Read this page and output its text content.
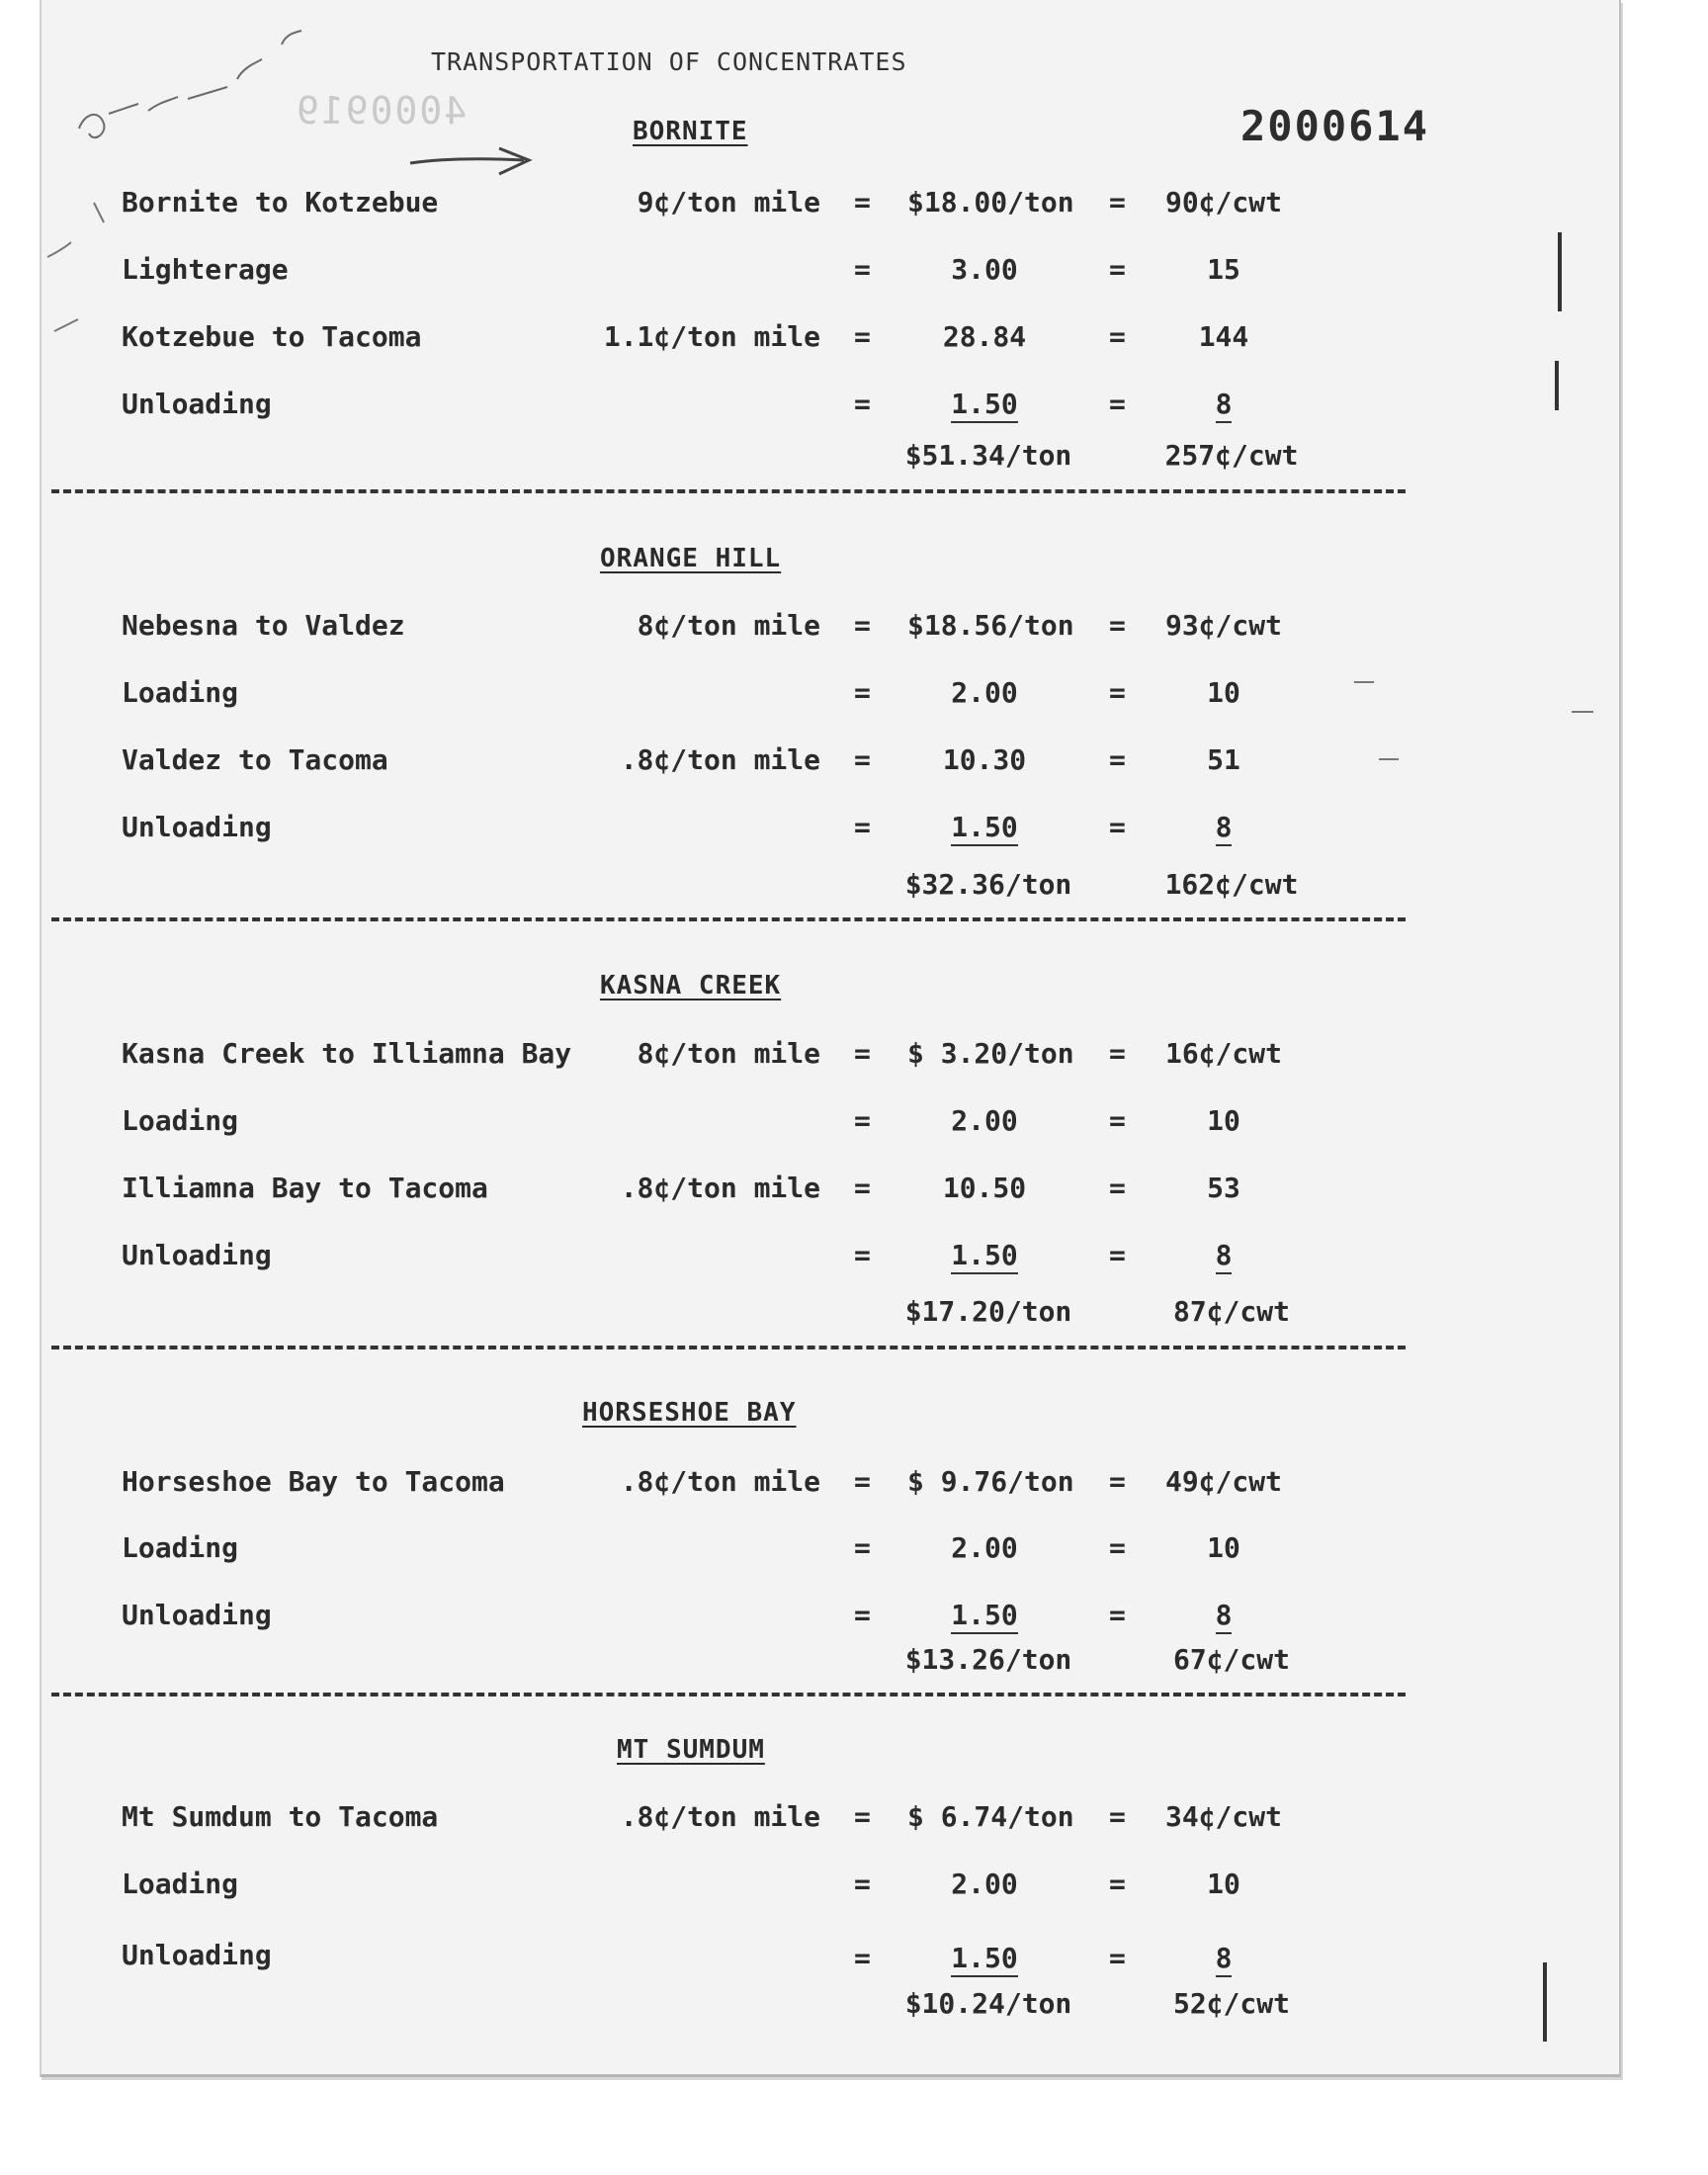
TRANSPORTATION OF CONCENTRATES
2000614
4000919	BORNITE
Bornite to Kotzebue	9¢/ton mile = $18.00/ton = 90¢/cwt
Lighterage	=	3.00	=	15
Kotzebue to Tacoma	1.1¢/ton mile =	28.84	=	144
Unloading	=	1.50	=	8
$51.34/ton	257¢/cwt
ORANGE HILL
Nebesna to Valdez	8¢/ton mile = $18.56/ton = 93¢/cwt
Loading	=	2.00	=	10
Valdez to Tacoma	.8¢/ton mile =	10.30	=	51
Unloading	=	1.50	=	8
$32.36/ton	162¢/cwt
KASNA CREEK
Kasna Creek to Illiamna Bay 8¢/ton mile = $ 3.20/ton = 16¢/cwt
Loading	=	2.00	=	10
Illiamna Bay to Tacoma	.8¢/ton mile =	10.50	=	53
Unloading	=	1.50	=	8
$17.20/ton	87¢/cwt
HORSESHOE BAY
Horseshoe Bay to Tacoma	.8¢/ton mile = $ 9.76/ton = 49¢/cwt
Loading	=	2.00	=	10
Unloading	=	1.50	=	8
$13.26/ton	67¢/cwt
MT SUMDUM
Mt Sumdum to Tacoma	.8¢/ton mile = $ 6.74/ton = 34¢/cwt
Loading	=	2.00	=	10
Unloading	=	1.50	=	8
$10.24/ton	52¢/cwt
